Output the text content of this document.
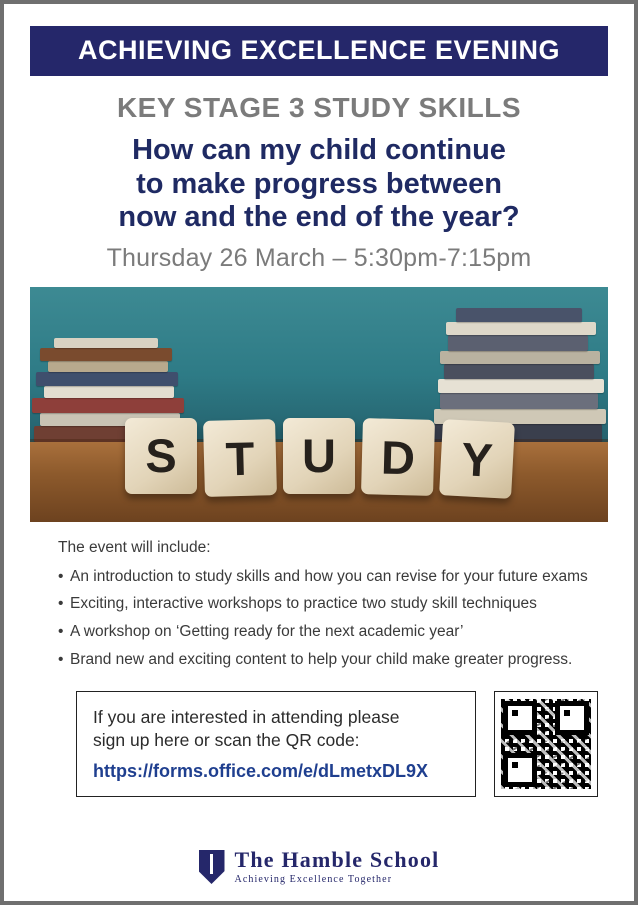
ACHIEVING EXCELLENCE EVENING
KEY STAGE 3 STUDY SKILLS
How can my child continue
to make progress between
now and the end of the year?
Thursday 26 March – 5:30pm-7:15pm
S	T U D Y
The event will include:
• An introduction to study skills and how you can revise for your future exams
• Exciting, interactive workshops to practice two study skill techniques
• A workshop on ‘Getting ready for the next academic year’
• Brand new and exciting content to help your child make greater progress.
If you are interested in attending please
sign up here or scan the QR code:
https://forms.office.com/e/dLmetxDL9X
The Hamble School
Achieving Excellence Together
